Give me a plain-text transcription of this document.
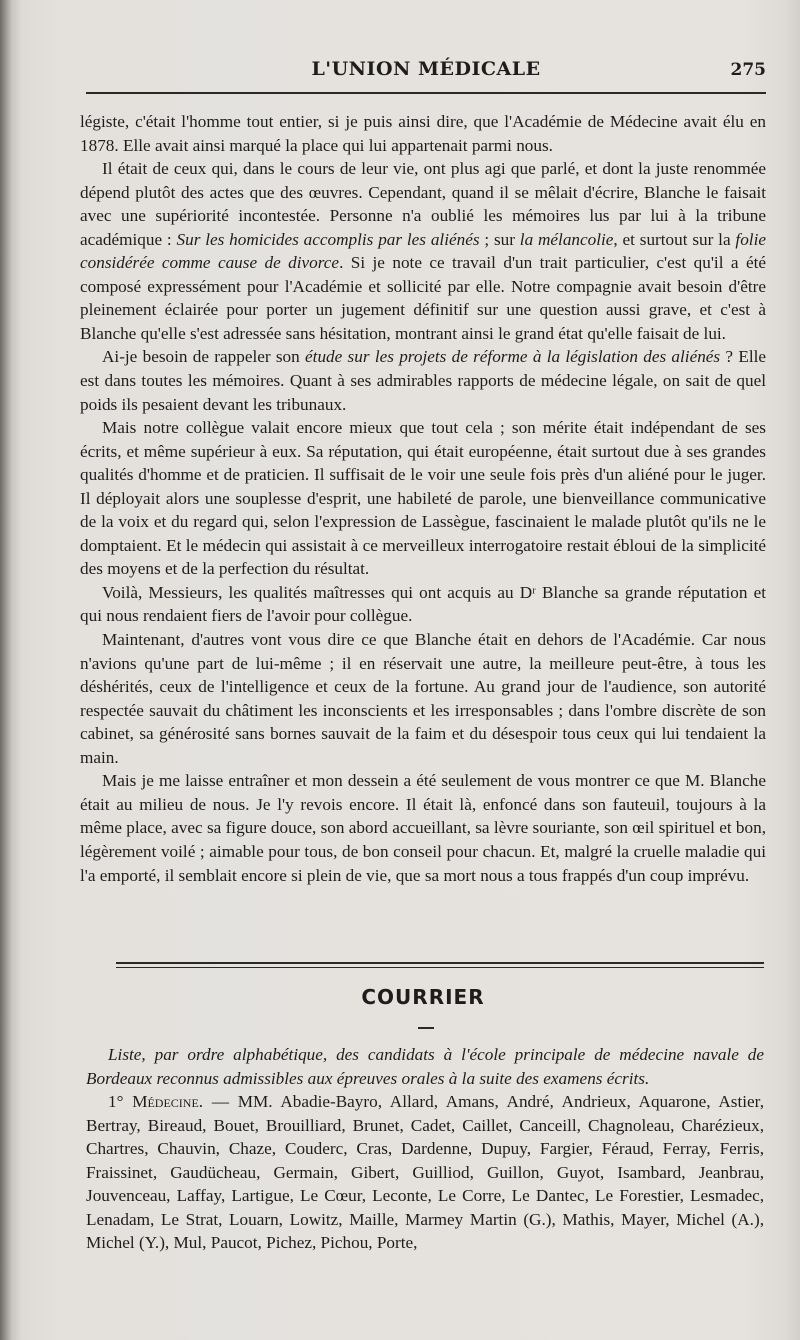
L'UNION MÉDICALE	275

légiste, c'était l'homme tout entier, si je puis ainsi dire, que l'Académie de Médecine avait élu en 1878. Elle avait ainsi marqué la place qui lui appartenait parmi nous.

Il était de ceux qui, dans le cours de leur vie, ont plus agi que parlé, et dont la juste renommée dépend plutôt des actes que des œuvres. Cependant, quand il se mêlait d'écrire, Blanche le faisait avec une supériorité incontestée. Personne n'a oublié les mémoires lus par lui à la tribune académique : Sur les homicides accomplis par les aliénés ; sur la mélancolie, et surtout sur la folie considérée comme cause de divorce. Si je note ce travail d'un trait particulier, c'est qu'il a été composé expressément pour l'Académie et sollicité par elle. Notre compagnie avait besoin d'être pleinement éclairée pour porter un jugement définitif sur une question aussi grave, et c'est à Blanche qu'elle s'est adressée sans hésitation, montrant ainsi le grand état qu'elle faisait de lui.

Ai-je besoin de rappeler son étude sur les projets de réforme à la législation des aliénés ? Elle est dans toutes les mémoires. Quant à ses admirables rapports de médecine légale, on sait de quel poids ils pesaient devant les tribunaux.

Mais notre collègue valait encore mieux que tout cela ; son mérite était indépendant de ses écrits, et même supérieur à eux. Sa réputation, qui était européenne, était surtout due à ses grandes qualités d'homme et de praticien. Il suffisait de le voir une seule fois près d'un aliéné pour le juger. Il déployait alors une souplesse d'esprit, une habileté de parole, une bienveillance communicative de la voix et du regard qui, selon l'expression de Lassègue, fascinaient le malade plutôt qu'ils ne le domptaient. Et le médecin qui assistait à ce merveilleux interrogatoire restait ébloui de la simplicité des moyens et de la perfection du résultat.

Voilà, Messieurs, les qualités maîtresses qui ont acquis au Dʳ Blanche sa grande réputation et qui nous rendaient fiers de l'avoir pour collègue.

Maintenant, d'autres vont vous dire ce que Blanche était en dehors de l'Académie. Car nous n'avions qu'une part de lui-même ; il en réservait une autre, la meilleure peut-être, à tous les déshérités, ceux de l'intelligence et ceux de la fortune. Au grand jour de l'audience, son autorité respectée sauvait du châtiment les inconscients et les irresponsables ; dans l'ombre discrète de son cabinet, sa générosité sans bornes sauvait de la faim et du désespoir tous ceux qui lui tendaient la main.

Mais je me laisse entraîner et mon dessein a été seulement de vous montrer ce que M. Blanche était au milieu de nous. Je l'y revois encore. Il était là, enfoncé dans son fauteuil, toujours à la même place, avec sa figure douce, son abord accueillant, sa lèvre souriante, son œil spirituel et bon, légèrement voilé ; aimable pour tous, de bon conseil pour chacun. Et, malgré la cruelle maladie qui l'a emporté, il semblait encore si plein de vie, que sa mort nous a tous frappés d'un coup imprévu.

COURRIER

Liste, par ordre alphabétique, des candidats à l'école principale de médecine navale de Bordeaux reconnus admissibles aux épreuves orales à la suite des examens écrits.

1° Médecine. — MM. Abadie-Bayro, Allard, Amans, André, Andrieux, Aquarone, Astier, Bertray, Bireaud, Bouet, Brouilliard, Brunet, Cadet, Caillet, Canceill, Chagnoleau, Charézieux, Chartres, Chauvin, Chaze, Couderc, Cras, Dardenne, Dupuy, Fargier, Féraud, Ferray, Ferris, Fraissinet, Gaudücheau, Germain, Gibert, Guilliod, Guillon, Guyot, Isambard, Jeanbrau, Jouvenceau, Laffay, Lartigue, Le Cœur, Leconte, Le Corre, Le Dantec, Le Forestier, Lesmadec, Lenadam, Le Strat, Louarn, Lowitz, Maille, Marmey Martin (G.), Mathis, Mayer, Michel (A.), Michel (Y.), Mul, Paucot, Pichez, Pichou, Porte,
